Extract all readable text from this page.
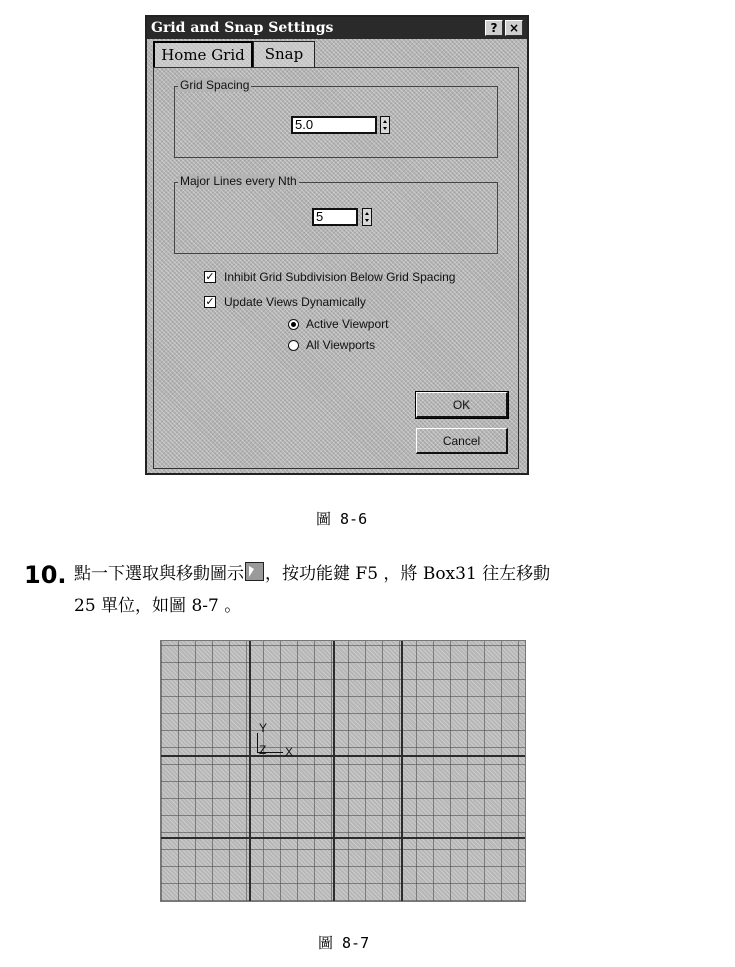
Grid and Snap Settings	? ×
Home Grid	Snap
Grid Spacing
5.0
Major Lines every Nth
5
✓ Inhibit Grid Subdivision Below Grid Spacing
✓ Update Views Dynamically
Active Viewport
All Viewports
OK
Cancel
圖 8-6
10. 點一下選取與移動圖示 ，按功能鍵 F5 ，將 Box31 往左移動
25 單位，如圖 8-7 。
Y
Z X
圖 8-7
